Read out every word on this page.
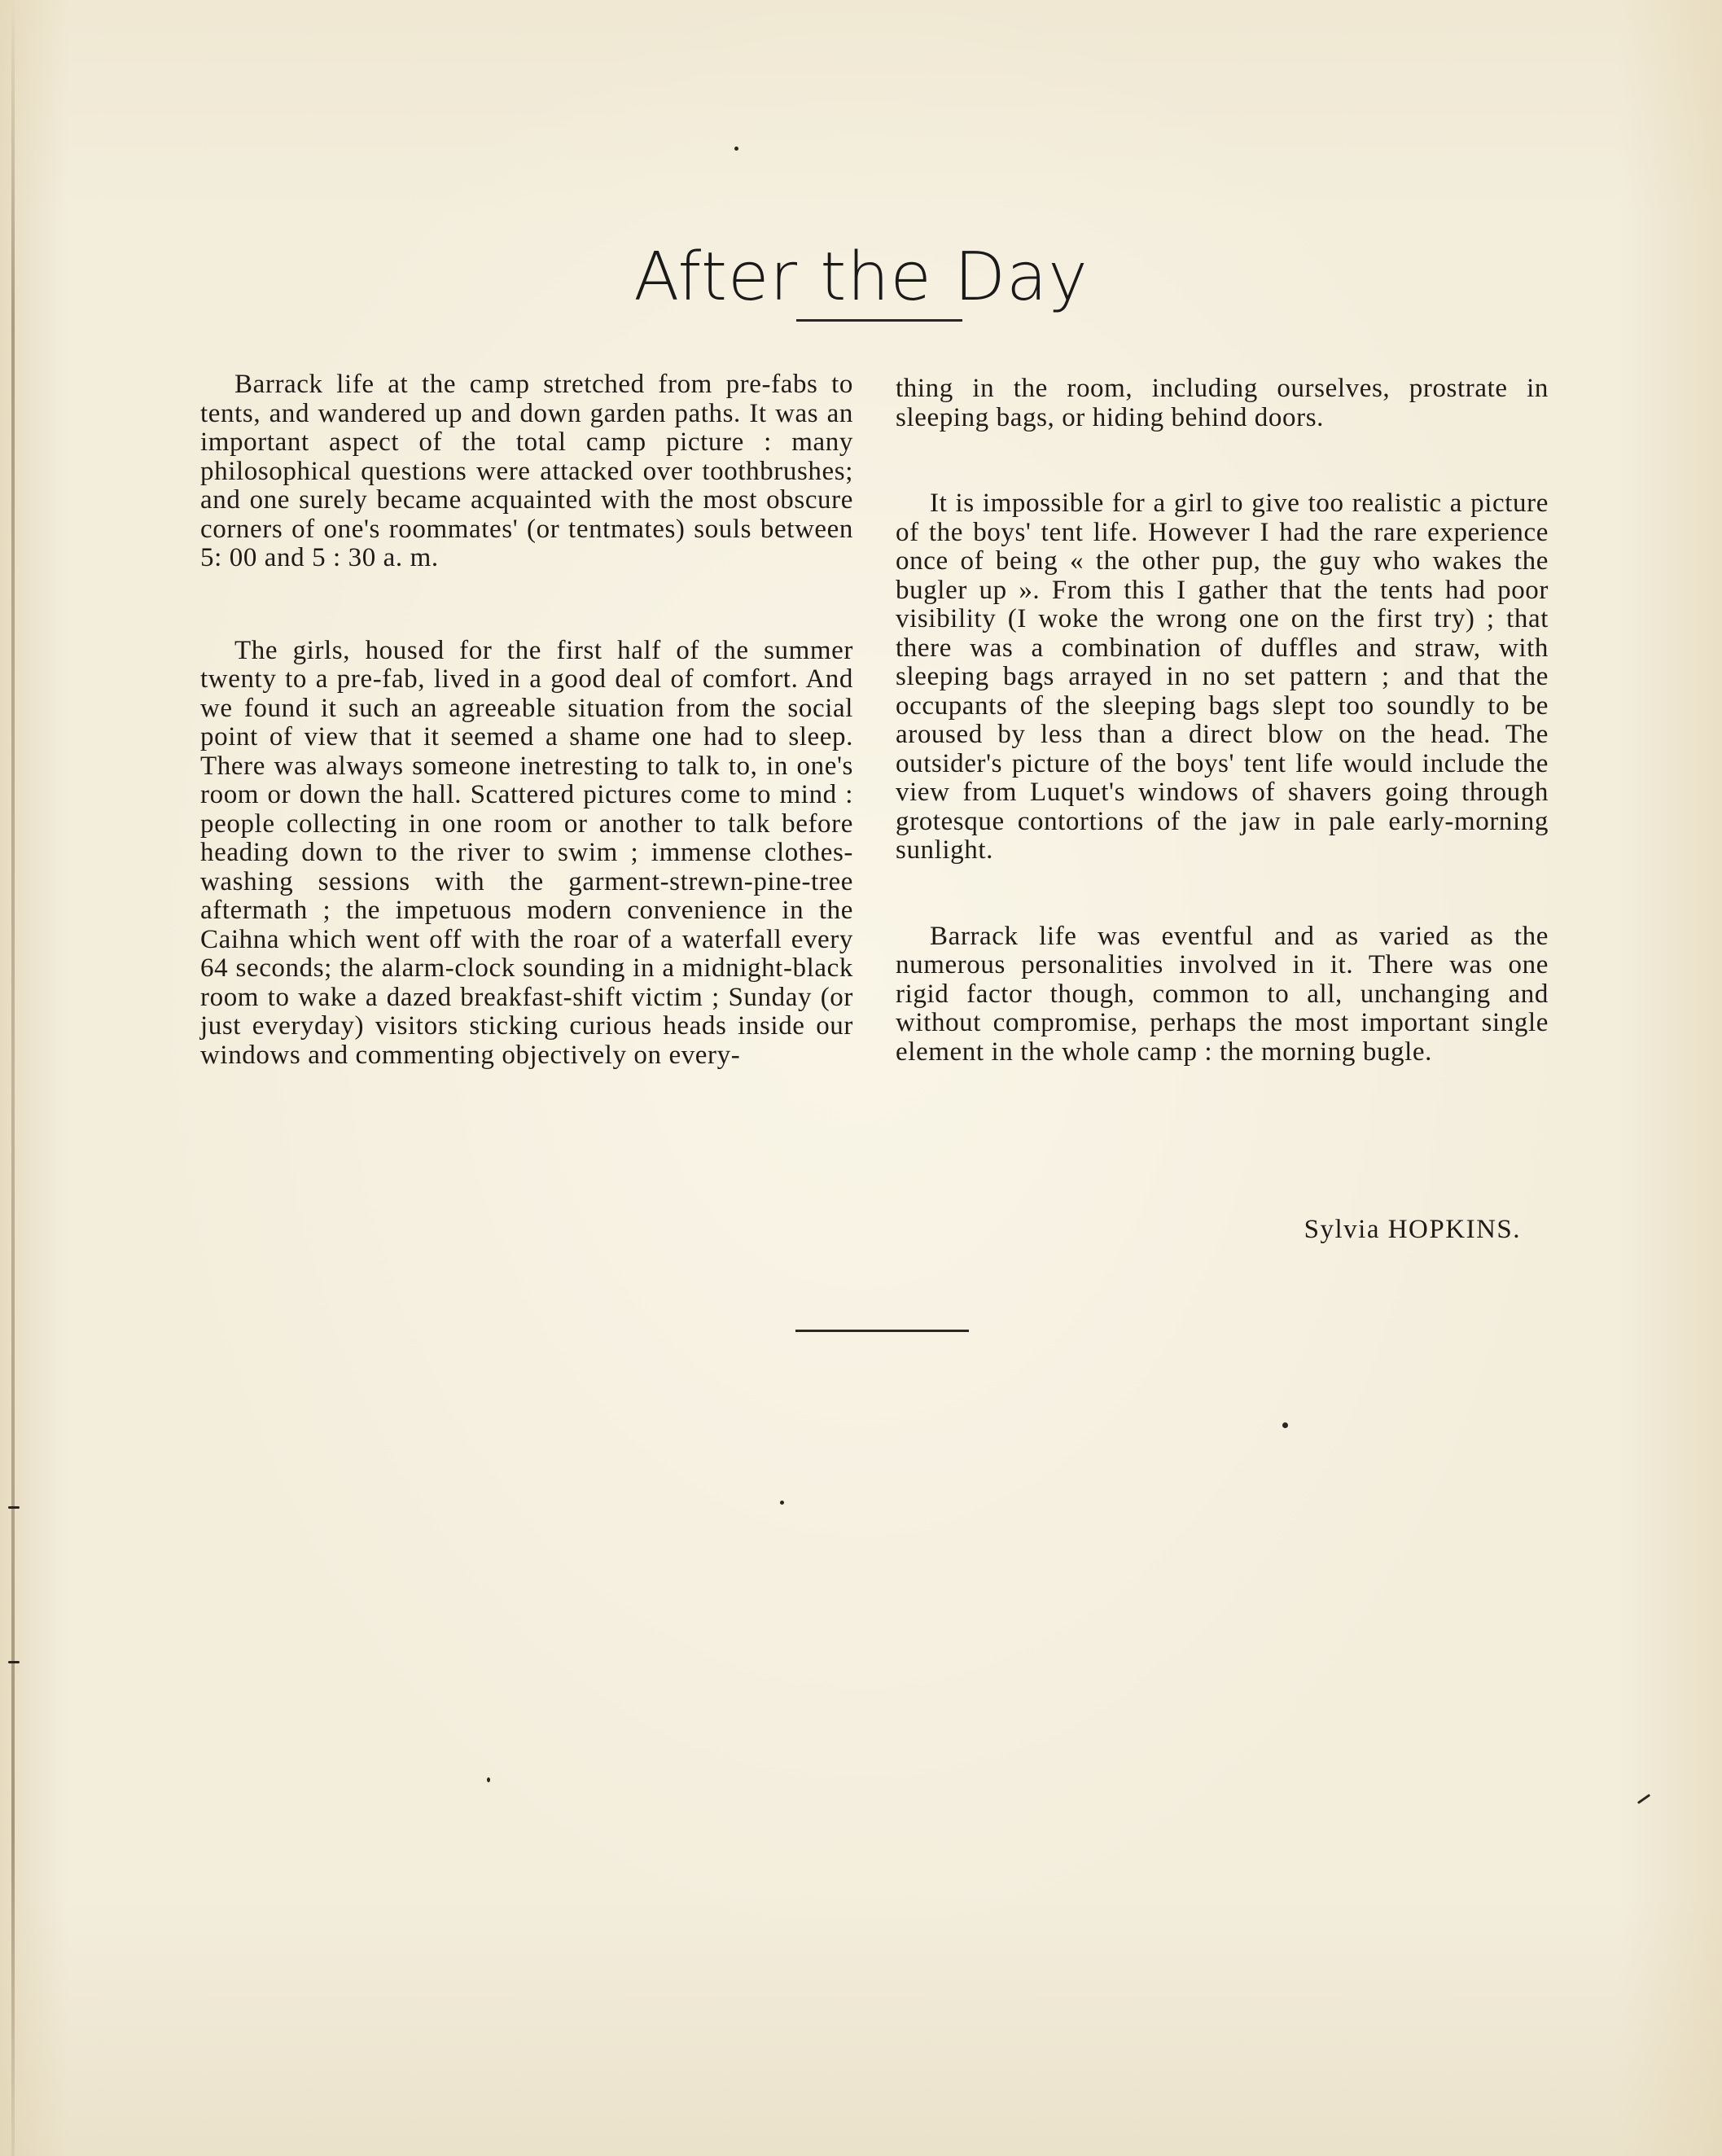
After the Day

Barrack life at the camp stretched from pre-fabs to tents, and wandered up and down garden paths. It was an important aspect of the total camp picture : many philosophical questions were attacked over toothbrushes; and one surely became acquainted with the most obscure corners of one's roommates' (or tentmates) souls between 5: 00 and 5 : 30 a. m.

The girls, housed for the first half of the summer twenty to a pre-fab, lived in a good deal of comfort. And we found it such an agreeable situation from the social point of view that it seemed a shame one had to sleep. There was always someone inetresting to talk to, in one's room or down the hall. Scattered pictures come to mind : people collecting in one room or another to talk before heading down to the river to swim ; immense clothes-washing sessions with the garment-strewn-pine-tree aftermath ; the impetuous modern convenience in the Caihna which went off with the roar of a waterfall every 64 seconds; the alarm-clock sounding in a midnight-black room to wake a dazed breakfast-shift victim ; Sunday (or just everyday) visitors sticking curious heads inside our windows and commenting objectively on every-

thing in the room, including ourselves, prostrate in sleeping bags, or hiding behind doors.

It is impossible for a girl to give too realistic a picture of the boys' tent life. However I had the rare experience once of being « the other pup, the guy who wakes the bugler up ». From this I gather that the tents had poor visibility (I woke the wrong one on the first try) ; that there was a combination of duffles and straw, with sleeping bags arrayed in no set pattern ; and that the occupants of the sleeping bags slept too soundly to be aroused by less than a direct blow on the head. The outsider's picture of the boys' tent life would include the view from Luquet's windows of shavers going through grotesque contortions of the jaw in pale early-morning sunlight.

Barrack life was eventful and as varied as the numerous personalities involved in it. There was one rigid factor though, common to all, unchanging and without compromise, perhaps the most important single element in the whole camp : the morning bugle.

Sylvia HOPKINS.
